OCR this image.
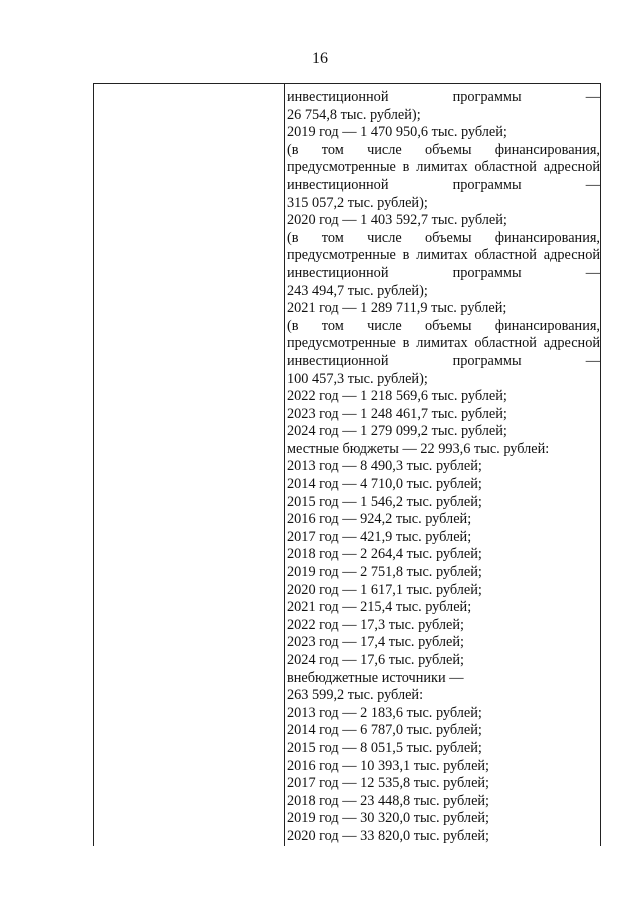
16
инвестиционной программы —
26 754,8 тыс. рублей);
2019 год — 1 470 950,6 тыс. рублей;
(в том числе объемы финансирования,
предусмотренные в лимитах областной адресной
инвестиционной программы —
315 057,2 тыс. рублей);
2020 год — 1 403 592,7 тыс. рублей;
(в том числе объемы финансирования,
предусмотренные в лимитах областной адресной
инвестиционной программы —
243 494,7 тыс. рублей);
2021 год — 1 289 711,9 тыс. рублей;
(в том числе объемы финансирования,
предусмотренные в лимитах областной адресной
инвестиционной программы —
100 457,3 тыс. рублей);
2022 год — 1 218 569,6 тыс. рублей;
2023 год — 1 248 461,7 тыс. рублей;
2024 год — 1 279 099,2 тыс. рублей;
местные бюджеты — 22 993,6 тыс. рублей:
2013 год — 8 490,3 тыс. рублей;
2014 год — 4 710,0 тыс. рублей;
2015 год — 1 546,2 тыс. рублей;
2016 год — 924,2 тыс. рублей;
2017 год — 421,9 тыс. рублей;
2018 год — 2 264,4 тыс. рублей;
2019 год — 2 751,8 тыс. рублей;
2020 год — 1 617,1 тыс. рублей;
2021 год — 215,4 тыс. рублей;
2022 год — 17,3 тыс. рублей;
2023 год — 17,4 тыс. рублей;
2024 год — 17,6 тыс. рублей;
внебюджетные источники —
263 599,2 тыс. рублей:
2013 год — 2 183,6 тыс. рублей;
2014 год — 6 787,0 тыс. рублей;
2015 год — 8 051,5 тыс. рублей;
2016 год — 10 393,1 тыс. рублей;
2017 год — 12 535,8 тыс. рублей;
2018 год — 23 448,8 тыс. рублей;
2019 год — 30 320,0 тыс. рублей;
2020 год — 33 820,0 тыс. рублей;
